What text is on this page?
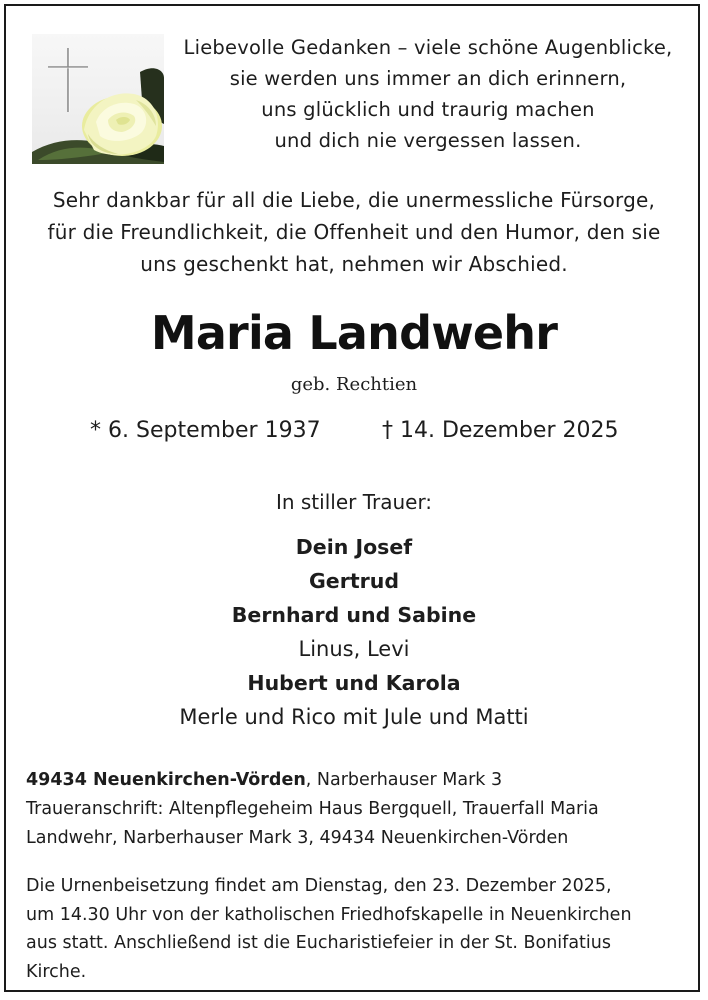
Liebevolle Gedanken – viele schöne Augenblicke,
sie werden uns immer an dich erinnern,
uns glücklich und traurig machen
und dich nie vergessen lassen.
Sehr dankbar für all die Liebe, die unermessliche Fürsorge,
für die Freundlichkeit, die Offenheit und den Humor, den sie
uns geschenkt hat, nehmen wir Abschied.
Maria Landwehr
geb. Rechtien
* 6. September 1937	† 14. Dezember 2025
In stiller Trauer:
Dein Josef
Gertrud
Bernhard und Sabine
Linus, Levi
Hubert und Karola
Merle und Rico mit Jule und Matti
49434 Neuenkirchen-Vörden, Narberhauser Mark 3
Traueranschrift: Altenpflegeheim Haus Bergquell, Trauerfall Maria
Landwehr, Narberhauser Mark 3, 49434 Neuenkirchen-Vörden
Die Urnenbeisetzung findet am Dienstag, den 23. Dezember 2025,
um 14.30 Uhr von der katholischen Friedhofskapelle in Neuenkirchen
aus statt. Anschließend ist die Eucharistiefeier in der St. Bonifatius
Kirche.
